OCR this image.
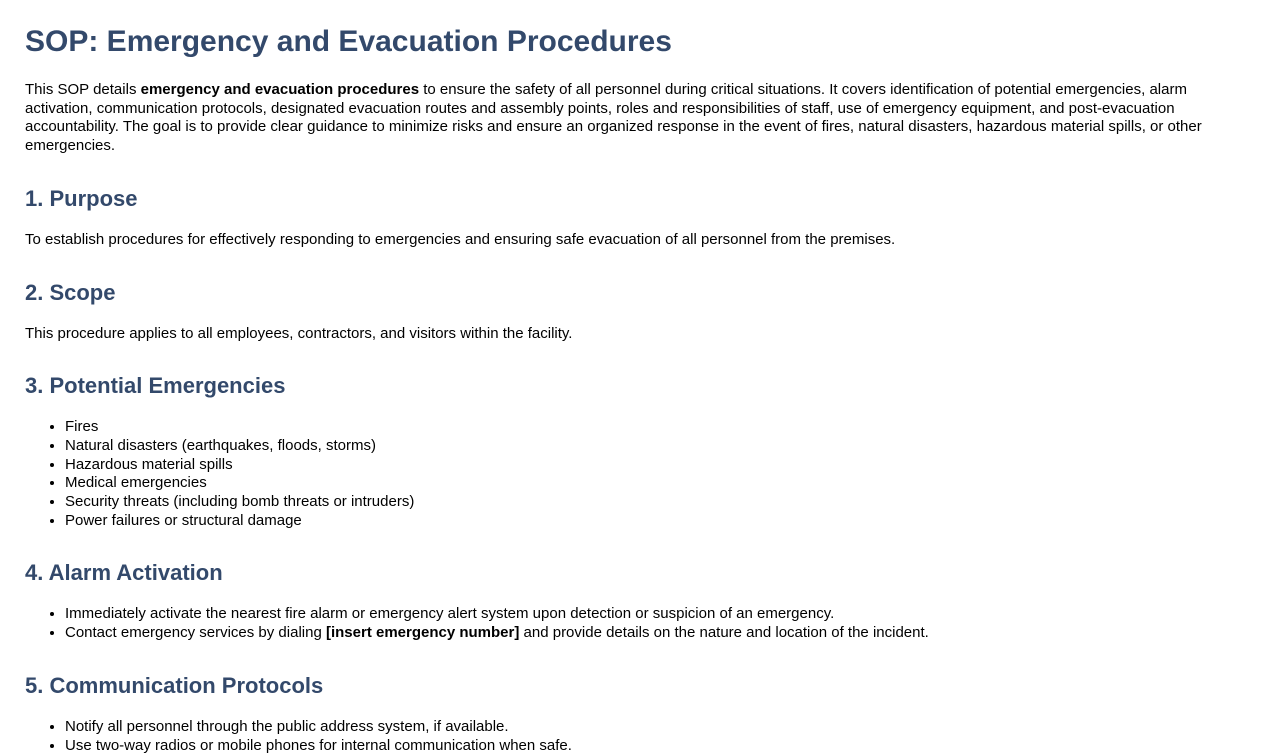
SOP: Emergency and Evacuation Procedures

This SOP details emergency and evacuation procedures to ensure the safety of all personnel during critical situations. It covers identification of potential emergencies, alarm activation, communication protocols, designated evacuation routes and assembly points, roles and responsibilities of staff, use of emergency equipment, and post-evacuation accountability. The goal is to provide clear guidance to minimize risks and ensure an organized response in the event of fires, natural disasters, hazardous material spills, or other emergencies.

1. Purpose

To establish procedures for effectively responding to emergencies and ensuring safe evacuation of all personnel from the premises.

2. Scope

This procedure applies to all employees, contractors, and visitors within the facility.

3. Potential Emergencies
• Fires
• Natural disasters (earthquakes, floods, storms)
• Hazardous material spills
• Medical emergencies
• Security threats (including bomb threats or intruders)
• Power failures or structural damage
4. Alarm Activation
• Immediately activate the nearest fire alarm or emergency alert system upon detection or suspicion of an emergency.
• Contact emergency services by dialing [insert emergency number] and provide details on the nature and location of the incident.
5. Communication Protocols
• Notify all personnel through the public address system, if available.
• Use two-way radios or mobile phones for internal communication when safe.
